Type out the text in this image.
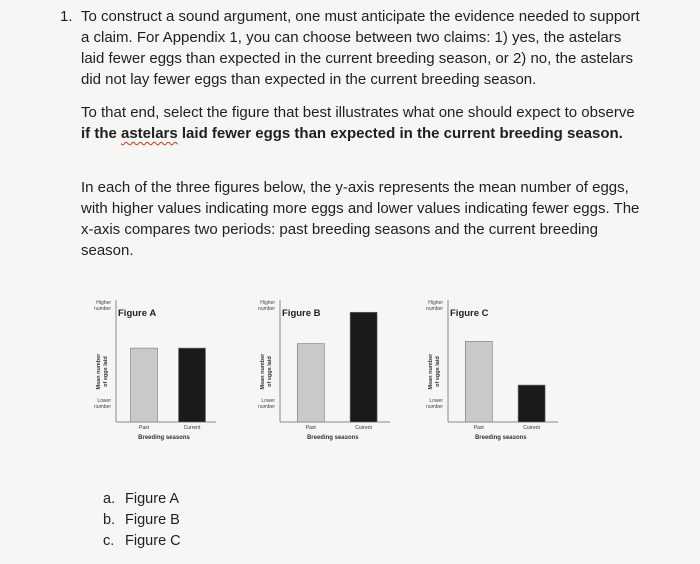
1. To construct a sound argument, one must anticipate the evidence needed to support a claim. For Appendix 1, you can choose between two claims: 1) yes, the astelars laid fewer eggs than expected in the current breeding season, or 2) no, the astelars did not lay fewer eggs than expected in the current breeding season.
To that end, select the figure that best illustrates what one should expect to observe if the astelars laid fewer eggs than expected in the current breeding season.
In each of the three figures below, the y-axis represents the mean number of eggs, with higher values indicating more eggs and lower values indicating fewer eggs. The x-axis compares two periods: past breeding seasons and the current breeding season.
Figure A
Higher number
Lower number
Mean numberof eggs laid
Past	Current
Breeding seasons
Figure B
Higher number
Lower number
Mean numberof eggs laid
Past	Current
Breeding seasons
Figure C
Higher number
Lower number
Mean numberof eggs laid
Past	Current
Breeding seasons
a. Figure A
b. Figure B
c. Figure C
